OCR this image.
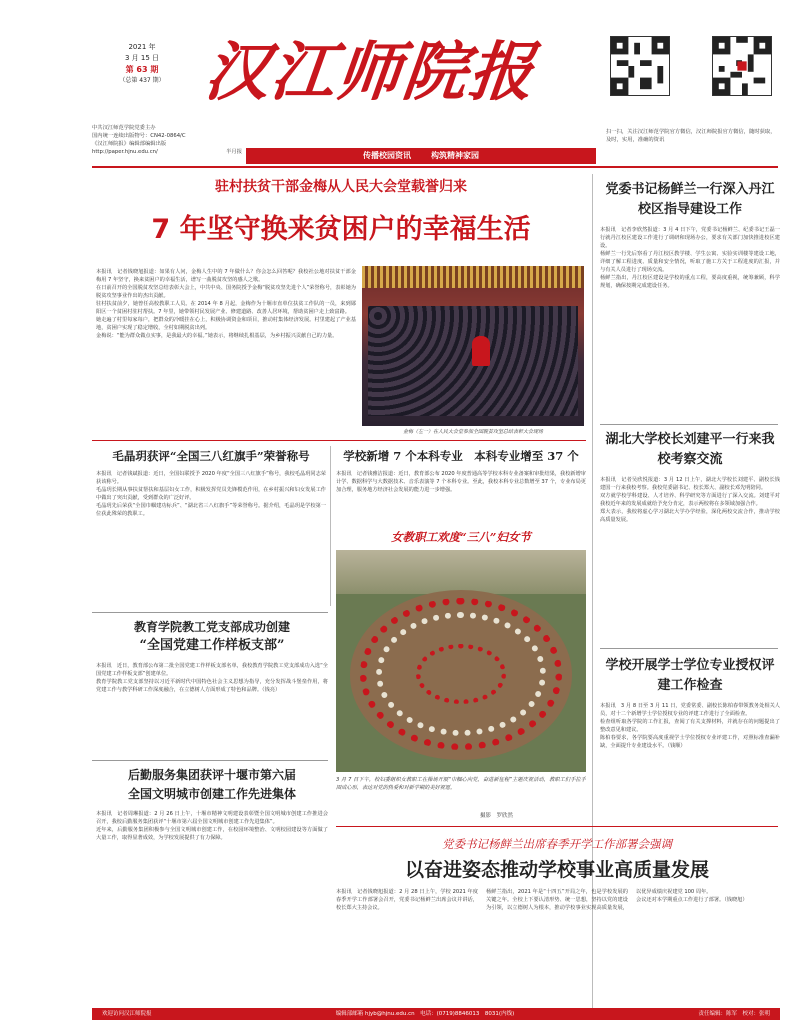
2021 年
3 月 15 日
第 63 期
（总第 437 期） 汉江师院报
中共汉江师范学院党委主办
国内统一连续出版物号：CN42-0864/C
《汉江师院报》编辑部编辑出版
http://paper.hjnu.edu.cn/	半月报	传播校园资讯	构筑精神家园
扫一扫，关注汉江师范学院官方微信，汉江师院报官方微信，随时获取，及时，实用，准确的资讯
驻村扶贫干部金梅从人民大会堂载誉归来
7 年坚守换来贫困户的幸福生活
本报讯　记者钱晓旭报道：如果有人问，金梅人生中的 7 年做什么？你会怎么回答呢？我校社公地对扶贫干部金梅用 7 年坚守，换来贫困户的幸福生活，谱写一曲脱贫攻坚的感人之歌。
在日前召开的全国脱贫攻坚总结表彰大会上，中共中央、国务院授予金梅“脱贫攻坚先进个人”荣誉称号，表彰她为脱贫攻坚事业作出的杰出贡献。
驻村扶贫前夕，她曾任高校教职工人员。在 2014 年 8 月起，金梅作为十堰市直单位扶贫工作队的一员，来到郧阳区一个贫困村驻村帮扶。7 年里，她带领村民发展产业、修建道路、改善人居环境，帮助贫困户走上致富路。
她走遍了村里每家每户，把群众的冷暖挂在心上，积极协调资金和项目，推动村集体经济发展。村里建起了产业基地，贫困户实现了稳定增收，全村如期脱贫出列。
金梅说：“能为群众做点实事，是我最大的幸福。”她表示，将继续扎根基层，为乡村振兴贡献自己的力量。
金梅（左一）在人民大会堂参加全国脱贫攻坚总结表彰大会现场
党委书记杨鲜兰一行深入丹江校区指导建设工作
本报讯　记者李欣然报道：3 月 4 日下午，党委书记杨鲜兰、纪委书记王磊一行就丹江校区建设工作进行了调研和现场办公，要求有关部门加快推进校区建设。
杨鲜兰一行先后察看了丹江校区教学楼、学生公寓、实验实训楼等建设工地，详细了解工程进度、质量和安全情况，听取了施工方关于工程进度的汇报，并与有关人员进行了现场交流。
杨鲜兰指出，丹江校区建设是学校的重点工程，要高度重视，统筹兼顾，科学规划，确保按期完成建设任务。
湖北大学校长刘建平一行来我校考察交流
本报讯　记者吴欣悦报道：3 月 12 日上午，湖北大学校长刘建平、副校长钱建国一行来我校考察。我校党委副书记、校长郑大、副校长邓先明陪同。
双方就学校学科建设、人才培养、科学研究等方面进行了深入交流。刘建平对我校近年来的发展成就给予充分肯定，表示两校将在多领域加强合作。
郑大表示，我校将虚心学习湖北大学办学经验，深化两校交流合作，推动学校高质量发展。
学校开展学士学位专业授权评建工作检查
本报讯　3 月 8 日至 3 月 11 日，党委常委、副校长陈柏春带领教务处相关人员，对十二个新增学士学位授权专业的评建工作进行了全面检查。
检查组听取各学院的工作汇报，查阅了有关支撑材料，并就存在的问题提出了整改意见和建议。
陈柏春要求，各学院要高度重视学士学位授权专业评建工作，对照标准查漏补缺，全面提升专业建设水平。（钱顺）
毛晶玥获评“全国三八红旗手”荣誉称号
本报讯　记者钱斌报道：近日，全国妇联授予 2020 年度“全国三八红旗手”称号，我校毛晶玥同志荣获该称号。
毛晶玥长期从事扶贫帮扶和基层妇女工作，积极发挥党员先锋模范作用，在乡村振兴和妇女发展工作中做出了突出贡献，受到群众的广泛好评。
毛晶玥先后荣获“全国巾帼建功标兵”、“湖北省三八红旗手”等荣誉称号。据介绍，毛晶玥是学校第一位获此殊荣的教职工。
学校新增 7 个本科专业　本科专业增至 37 个
本报讯　记者钱雅洁报道：近日，教育部公布 2020 年度普通高等学校本科专业备案和审批结果，我校新增审计学、数据科学与大数据技术、音乐表演等 7 个本科专业。至此，我校本科专业总数增至 37 个，专业布局更加合理，服务地方经济社会发展的能力进一步增强。
女教职工欢度“三八”妇女节
3 月 7 日下午，校妇委组织女教职工在操场开展“巾帼心向党，奋进新征程”主题庆祝活动，教职工们手拉手围成心形，表达对党的热爱和对新学期的美好祝愿。
摄影　罗欣然
教育学院教工党支部成功创建
“全国党建工作样板支部”
本报讯　近日，教育部公布第二批全国党建工作样板支部名单，我校教育学院教工党支部成功入选“全国党建工作样板支部”创建单位。
教育学院教工党支部坚持以习近平新时代中国特色社会主义思想为指导，充分发挥战斗堡垒作用，将党建工作与教学科研工作深度融合，在立德树人方面形成了特色和品牌。（钱亮）
后勤服务集团获评十堰市第六届
全国文明城市创建工作先进集体
本报讯　记者周琳报道：2 月 26 日上午，十堰市精神文明建设表彰暨全国文明城市创建工作推进会召开，我校后勤服务集团获评“十堰市第六届全国文明城市创建工作先进集体”。
近年来，后勤服务集团积极参与全国文明城市创建工作，在校园环境整治、文明校园建设等方面做了大量工作，取得显著成效，为学校发展提供了有力保障。	党委书记杨鲜兰出席春季开学工作部署会强调
以奋进姿态推动学校事业高质量发展
本报讯　记者钱晓旭报道：2 月 28 日上午，学校 2021 年度春季开学工作部署会召开，党委书记杨鲜兰出席会议并讲话，校长郑大主持会议。
杨鲜兰指出，2021 年是“十四五”开局之年，也是学校发展的关键之年。全校上下要认清形势、统一思想，坚持以党的建设为引领，以立德树人为根本，推动学校事业实现高质量发展，以优异成绩庆祝建党 100 周年。
会议还对本学期重点工作进行了部署。（钱晓旭）
欢迎访问汉江师院报	编辑部邮箱 hjyb@hjnu.edu.cn　电话：(0719)8846013　8031(内线)	责任编辑：陈军　校对：张明
